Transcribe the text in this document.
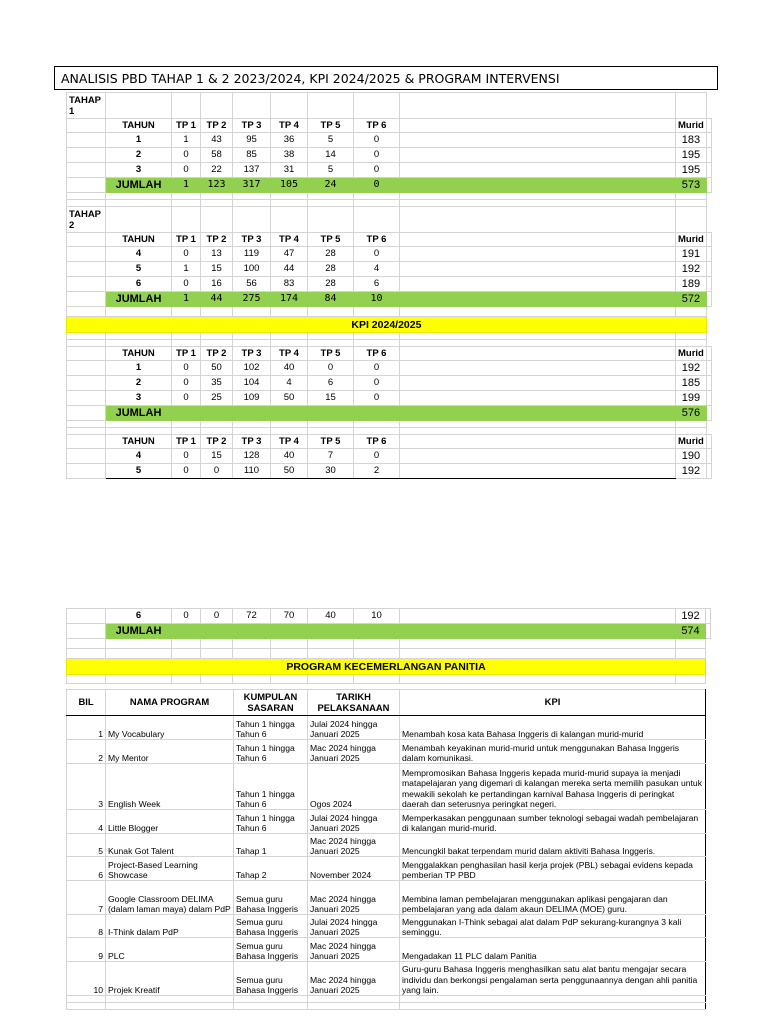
ANALISIS PBD TAHAP 1 & 2 2023/2024, KPI 2024/2025 & PROGRAM INTERVENSI
TAHAP 1										
	TAHUN	TP 1	TP 2	TP 3	TP 4	TP 5	TP 6		Murid	
	1	1	43	95	36	5	0		183	
	2	0	58	85	38	14	0		195	
	3	0	22	137	31	5	0		195	
	JUMLAH	1	123	317	105	24	0		573	

TAHAP 2										
	TAHUN	TP 1	TP 2	TP 3	TP 4	TP 5	TP 6		Murid	
	4	0	13	119	47	28	0		191	
	5	1	15	100	44	28	4		192	
	6	0	16	56	83	28	6		189	
	JUMLAH	1	44	275	174	84	10		572	

KPI 2024/2025										

	TAHUN	TP 1	TP 2	TP 3	TP 4	TP 5	TP 6		Murid	
	1	0	50	102	40	0	0		192	
	2	0	35	104	4	6	0		185	
	3	0	25	109	50	15	0		199	
	JUMLAH								576	

	TAHUN	TP 1	TP 2	TP 3	TP 4	TP 5	TP 6		Murid	
	4	0	15	128	40	7	0		190	
	5	0	0	110	50	30	2		192	
	6	0	0	72	70	40	10		192	
	JUMLAH								574	

PROGRAM KECEMERLANGAN PANITIA										

BIL	NAMA PROGRAM	KUMPULAN SASARAN	TARIKH PELAKSANAAN	KPI
1	My Vocabulary	Tahun 1 hingga Tahun 6	Julai 2024 hingga Januari 2025	Menambah kosa kata Bahasa Inggeris di kalangan murid-murid
2	My Mentor	Tahun 1 hingga Tahun 6	Mac 2024 hingga Januari 2025	Menambah keyakinan murid-murid untuk menggunakan Bahasa Inggeris dalam komunikasi.
3	English Week	Tahun 1 hingga Tahun 6	Ogos 2024	Mempromosikan Bahasa Inggeris kepada murid-murid supaya ia menjadi matapelajaran yang digemari di kalangan mereka serta memilih pasukan untuk mewakili sekolah ke pertandingan karnival Bahasa Inggeris di peringkat daerah dan seterusnya peringkat negeri.
4	Little Blogger	Tahun 1 hingga Tahun 6	Julai 2024 hingga Januari 2025	Memperkasakan penggunaan sumber teknologi sebagai wadah pembelajaran di kalangan murid-murid.
5	Kunak Got Talent	Tahap 1	Mac 2024 hingga Januari 2025	Mencungkil bakat terpendam murid dalam aktiviti Bahasa Inggeris.
6	Project-Based Learning Showcase	Tahap 2	November 2024	Menggalakkan penghasilan hasil kerja projek (PBL) sebagai evidens kepada pemberian TP PBD
7	Google Classroom DELIMA (dalam laman maya) dalam PdP	Semua guru Bahasa Inggeris	Mac 2024 hingga Januari 2025	Membina laman pembelajaran menggunakan aplikasi pengajaran dan pembelajaran yang ada dalam akaun DELIMA (MOE) guru.
8	I-Think dalam PdP	Semua guru Bahasa Inggeris	Julai 2024 hingga Januari 2025	Menggunakan I-Think sebagai alat dalam PdP sekurang-kurangnya 3 kali seminggu.
9	PLC	Semua guru Bahasa Inggeris	Mac 2024 hingga Januari 2025	Mengadakan 11 PLC dalam Panitia
10	Projek Kreatif	Semua guru Bahasa Inggeris	Mac 2024 hingga Januari 2025	Guru-guru Bahasa Inggeris menghasilkan satu alat bantu mengajar secara individu dan berkongsi pengalaman serta penggunaannya dengan ahli panitia yang lain.
